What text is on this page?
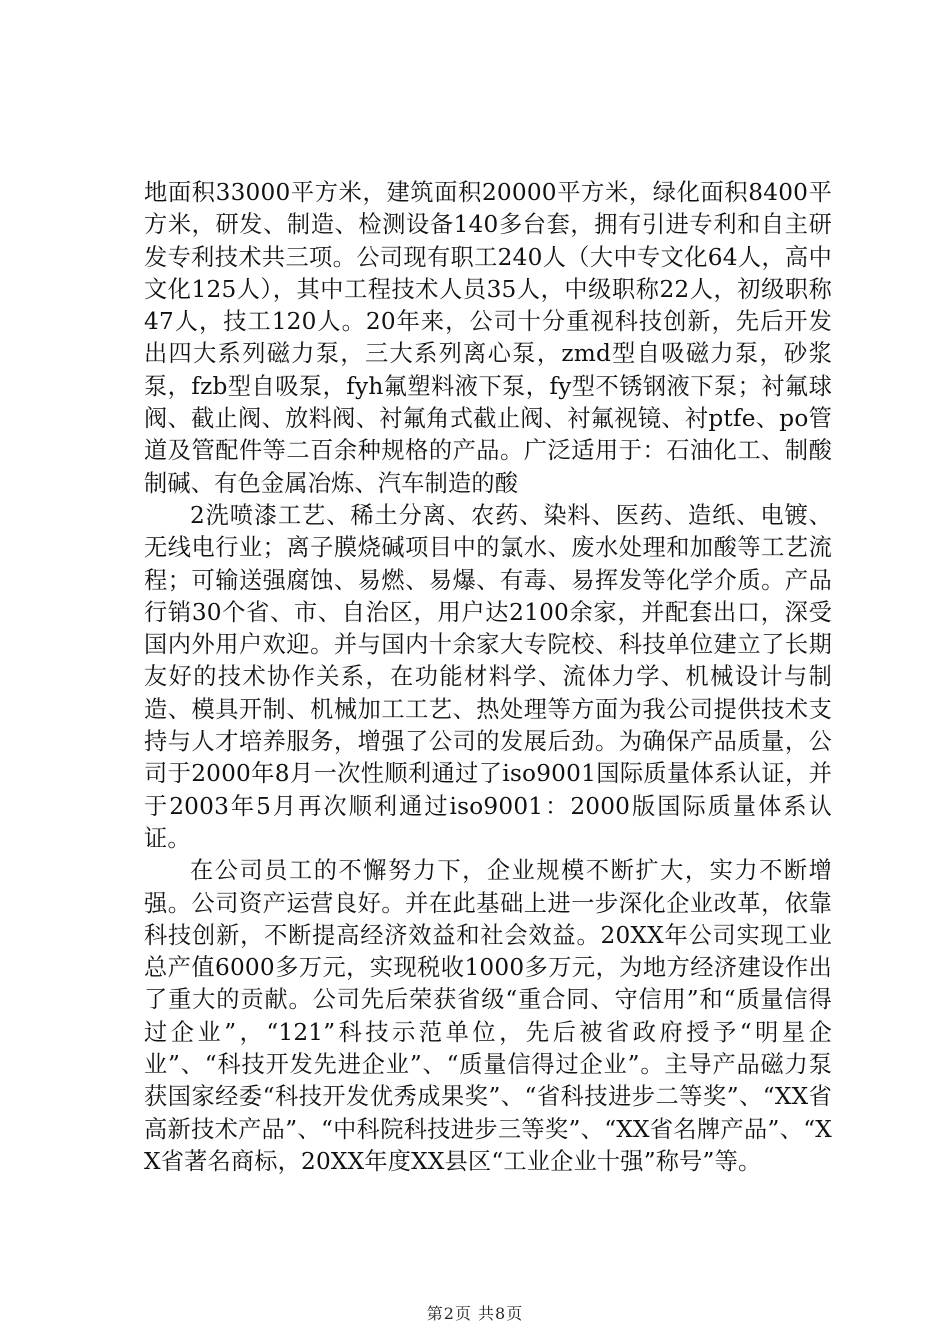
地面积33000平方米，建筑面积20000平方米，绿化面积8400平方米，研发、制造、检测设备140多台套，拥有引进专利和自主研发专利技术共三项。公司现有职工240人（大中专文化64人，高中文化125人），其中工程技术人员35人，中级职称22人，初级职称47人，技工120人。20年来，公司十分重视科技创新，先后开发出四大系列磁力泵，三大系列离心泵，zmd型自吸磁力泵，砂浆泵，fzb型自吸泵，fyh氟塑料液下泵，fy型不锈钢液下泵；衬氟球阀、截止阀、放料阀、衬氟角式截止阀、衬氟视镜、衬ptfe、po管道及管配件等二百余种规格的产品。广泛适用于：石油化工、制酸制碱、有色金属冶炼、汽车制造的酸

2洗喷漆工艺、稀土分离、农药、染料、医药、造纸、电镀、无线电行业；离子膜烧碱项目中的氯水、废水处理和加酸等工艺流程；可输送强腐蚀、易燃、易爆、有毒、易挥发等化学介质。产品行销30个省、市、自治区，用户达2100余家，并配套出口，深受国内外用户欢迎。并与国内十余家大专院校、科技单位建立了长期友好的技术协作关系，在功能材料学、流体力学、机械设计与制造、模具开制、机械加工工艺、热处理等方面为我公司提供技术支持与人才培养服务，增强了公司的发展后劲。为确保产品质量，公司于2000年8月一次性顺利通过了iso9001国际质量体系认证，并于2003年5月再次顺利通过iso9001：2000版国际质量体系认证。

在公司员工的不懈努力下，企业规模不断扩大，实力不断增强。公司资产运营良好。并在此基础上进一步深化企业改革，依靠科技创新，不断提高经济效益和社会效益。20XX年公司实现工业总产值6000多万元，实现税收1000多万元，为地方经济建设作出了重大的贡献。公司先后荣获省级“重合同、守信用”和“质量信得过企业”，“121”科技示范单位，先后被省政府授予“明星企业”、“科技开发先进企业”、“质量信得过企业”。主导产品磁力泵获国家经委“科技开发优秀成果奖”、“省科技进步二等奖”、“XX省高新技术产品”、“中科院科技进步三等奖”、“XX省名牌产品”、“XX省著名商标，20XX年度XX县区“工业企业十强”称号”等。

第2页 共8页
